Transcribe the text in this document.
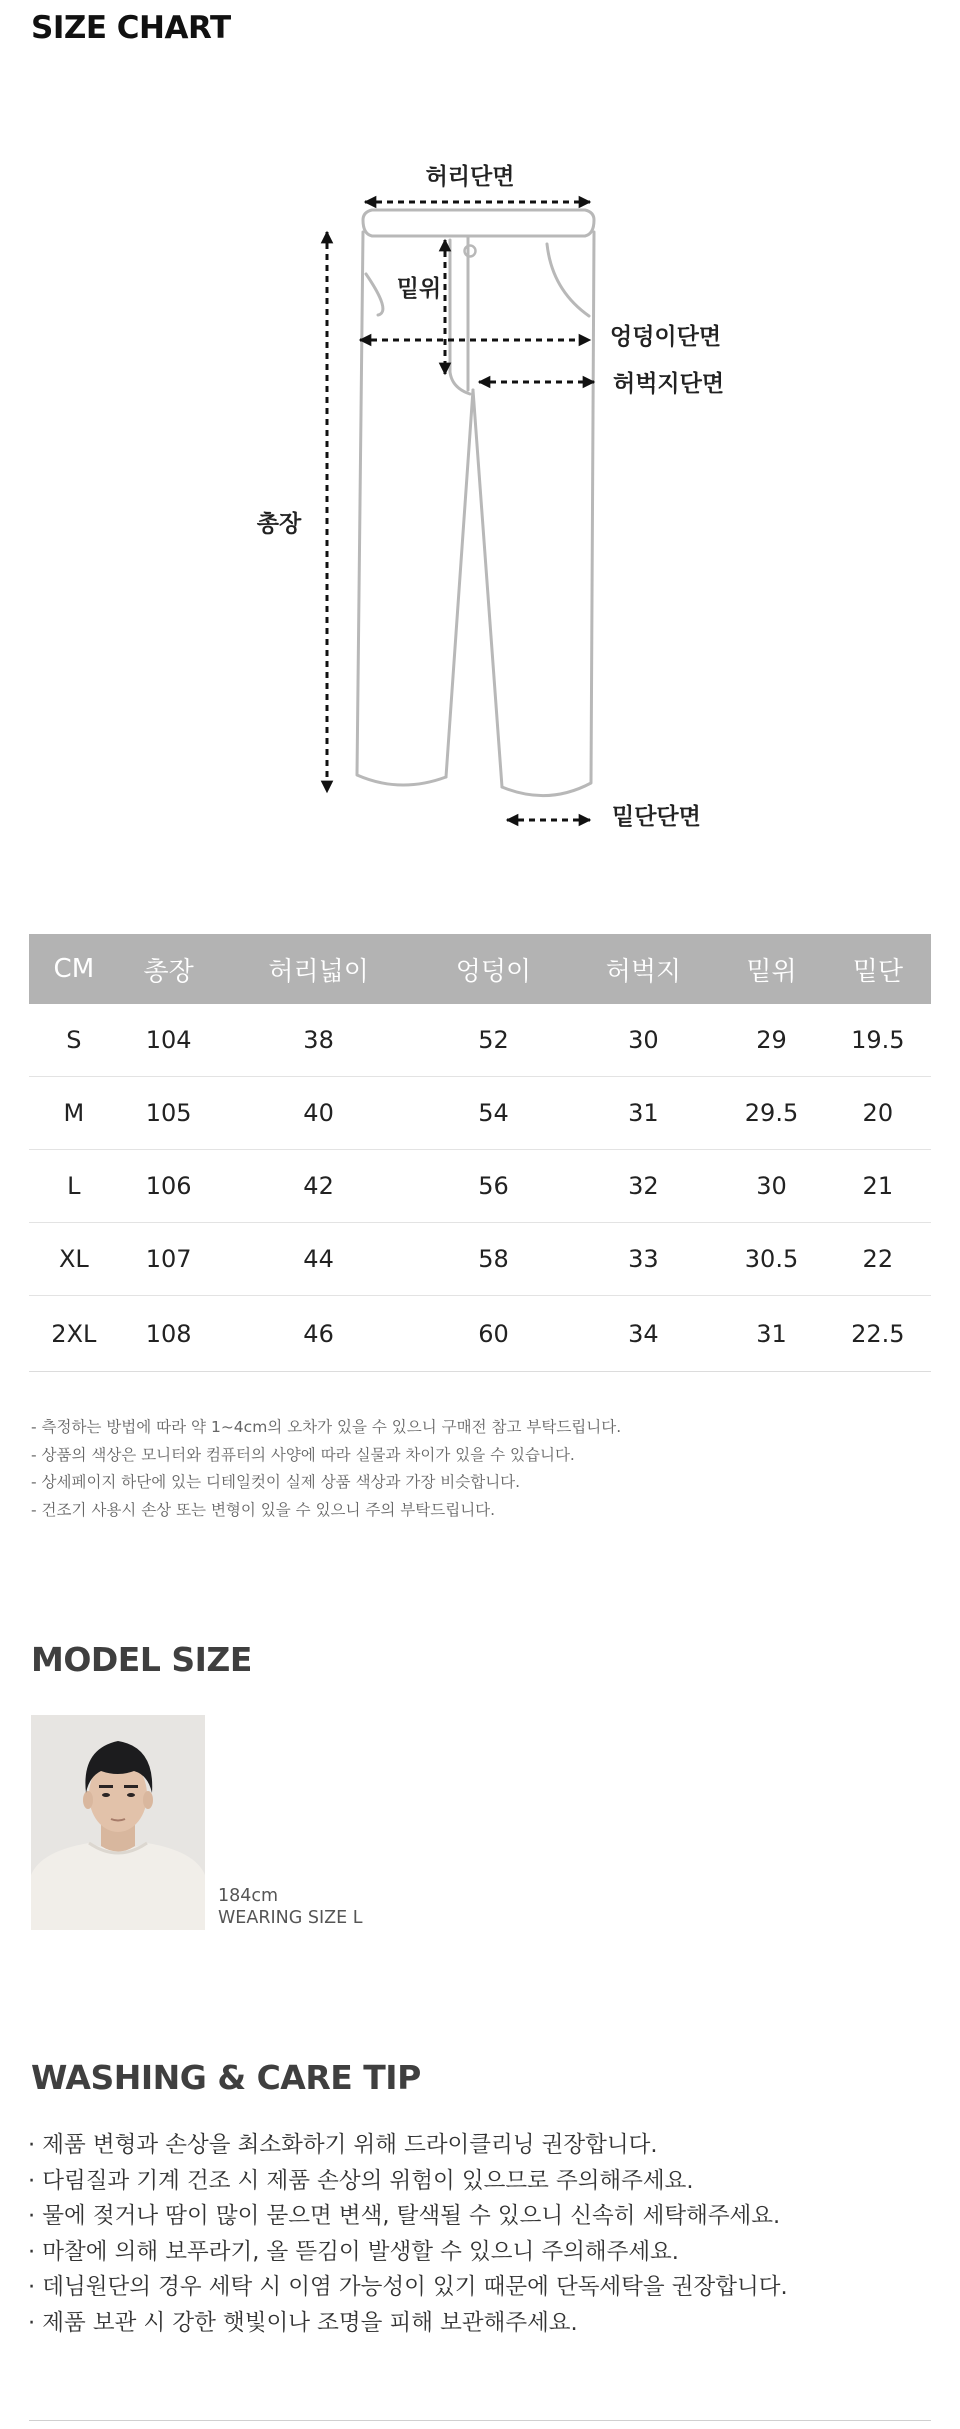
SIZE CHART
허리단면
밑위
엉덩이단면
허벅지단면
총장
밑단단면
CM	총장	허리넓이	엉덩이	허벅지	밑위	밑단
S	104	38	52	30	29	19.5
M	105	40	54	31	29.5	20
L	106	42	56	32	30	21
XL	107	44	58	33	30.5	22
2XL	108	46	60	34	31	22.5
- 측정하는 방법에 따라 약 1~4cm의 오차가 있을 수 있으니 구매전 참고 부탁드립니다.
- 상품의 색상은 모니터와 컴퓨터의 사양에 따라 실물과 차이가 있을 수 있습니다.
- 상세페이지 하단에 있는 디테일컷이 실제 상품 색상과 가장 비슷합니다.
- 건조기 사용시 손상 또는 변형이 있을 수 있으니 주의 부탁드립니다.
MODEL SIZE
184cm
WEARING SIZE L
WASHING & CARE TIP
· 제품 변형과 손상을 최소화하기 위해 드라이클리닝 권장합니다.
· 다림질과 기계 건조 시 제품 손상의 위험이 있으므로 주의해주세요.
· 물에 젖거나 땀이 많이 묻으면 변색, 탈색될 수 있으니 신속히 세탁해주세요.
· 마찰에 의해 보푸라기, 올 뜯김이 발생할 수 있으니 주의해주세요.
· 데님원단의 경우 세탁 시 이염 가능성이 있기 때문에 단독세탁을 권장합니다.
· 제품 보관 시 강한 햇빛이나 조명을 피해 보관해주세요.
